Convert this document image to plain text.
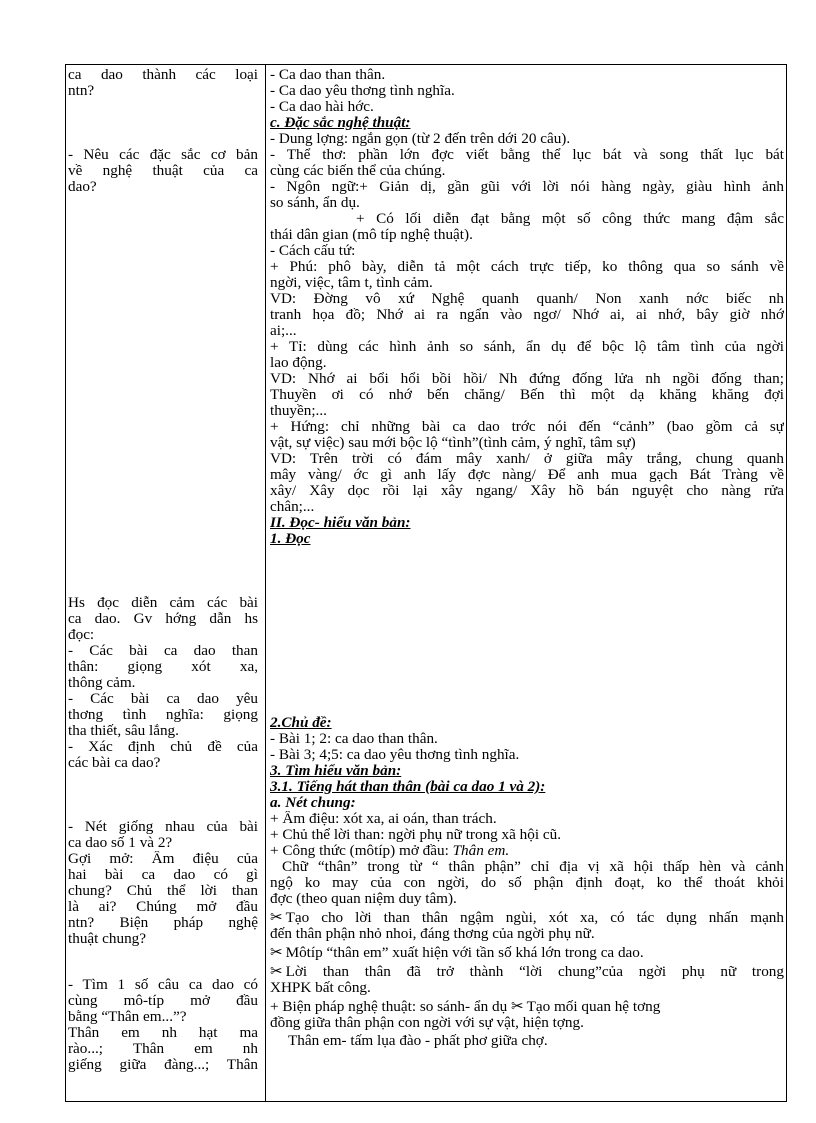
ca dao thành các loại
ntn?
- Nêu các đặc sắc cơ bản
về nghệ thuật của ca
dao?
Hs đọc diễn cảm các bài
ca dao. Gv hớng dẫn hs
đọc:
- Các bài ca dao than
thân: giọng xót xa,
thông cảm.
- Các bài ca dao yêu
thơng tình nghĩa: giọng
tha thiết, sâu lắng.
- Xác định chủ đề của
các bài ca dao?
- Nét giống nhau của bài
ca dao số 1 và 2?
Gợi mở: Âm điệu của
hai bài ca dao có gì
chung? Chủ thể lời than
là ai? Chúng mở đầu
ntn? Biện pháp nghệ
thuật chung?
- Tìm 1 số câu ca dao có
cùng mô-típ mở đầu
bằng “Thân em...”?
Thân em nh hạt ma
rào...; Thân em nh
giếng giữa đàng...; Thân
- Ca dao than thân.
- Ca dao yêu thơng tình nghĩa.
- Ca dao hài hớc.
c. Đặc sắc nghệ thuật:
- Dung lợng: ngắn gọn (từ 2 đến trên dới 20 câu).
- Thể thơ: phần lớn đợc viết bằng thể lục bát và song thất lục bát
cùng các biến thể của chúng.
- Ngôn ngữ:+ Giản dị, gần gũi với lời nói hàng ngày, giàu hình ảnh
so sánh, ẩn dụ.
+ Có lối diễn đạt bằng một số công thức mang đậm sắc
thái dân gian (mô típ nghệ thuật).
- Cách cấu tứ:
+ Phú: phô bày, diễn tả một cách trực tiếp, ko thông qua so sánh về
ngời, việc, tâm t, tình cảm.
VD: Đờng vô xứ Nghệ quanh quanh/ Non xanh nớc biếc nh
tranh họa đồ; Nhớ ai ra ngẩn vào ngơ/ Nhớ ai, ai nhớ, bây giờ nhớ
ai;...
+ Tỉ: dùng các hình ảnh so sánh, ẩn dụ để bộc lộ tâm tình của ngời
lao động.
VD: Nhớ ai bổi hổi bồi hồi/ Nh đứng đống lửa nh ngồi đống than;
Thuyền ơi có nhớ bến chăng/ Bến thì một dạ khăng khăng đợi
thuyền;...
+ Hứng: chỉ những bài ca dao trớc nói đến “cảnh” (bao gồm cả sự
vật, sự việc) sau mới bộc lộ “tình”(tình cảm, ý nghĩ, tâm sự)
VD: Trên trời có đám mây xanh/ ở giữa mây trắng, chung quanh
mây vàng/ ớc gì anh lấy đợc nàng/ Để anh mua gạch Bát Tràng về
xây/ Xây dọc rồi lại xây ngang/ Xây hồ bán nguyệt cho nàng rửa
chân;...
II. Đọc- hiểu văn bản:
1. Đọc
2.Chủ đề:
- Bài 1; 2: ca dao than thân.
- Bài 3; 4;5: ca dao yêu thơng tình nghĩa.
3. Tìm hiểu văn bản:
3.1. Tiếng hát than thân (bài ca dao 1 và 2):
a. Nét chung:
+ Âm điệu: xót xa, ai oán, than trách.
+ Chủ thể lời than: ngời phụ nữ trong xã hội cũ.
+ Công thức (môtíp) mở đầu: Thân em.
Chữ “thân” trong từ “ thân phận” chỉ địa vị xã hội thấp hèn và cảnh
ngộ ko may của con ngời, do số phận định đoạt, ko thể thoát khỏi
đợc (theo quan niệm duy tâm).
✂ Tạo cho lời than thân ngậm ngùi, xót xa, có tác dụng nhấn mạnh
đến thân phận nhỏ nhoi, đáng thơng của ngời phụ nữ.
✂ Môtíp “thân em” xuất hiện với tần số khá lớn trong ca dao.
✂ Lời than thân đã trở thành “lời chung”của ngời phụ nữ trong
XHPK bất công.
+ Biện pháp nghệ thuật: so sánh- ẩn dụ ✂ Tạo mối quan hệ tơng
đồng giữa thân phận con ngời với sự vật, hiện tợng.
Thân em- tấm lụa đào - phất phơ giữa chợ.
